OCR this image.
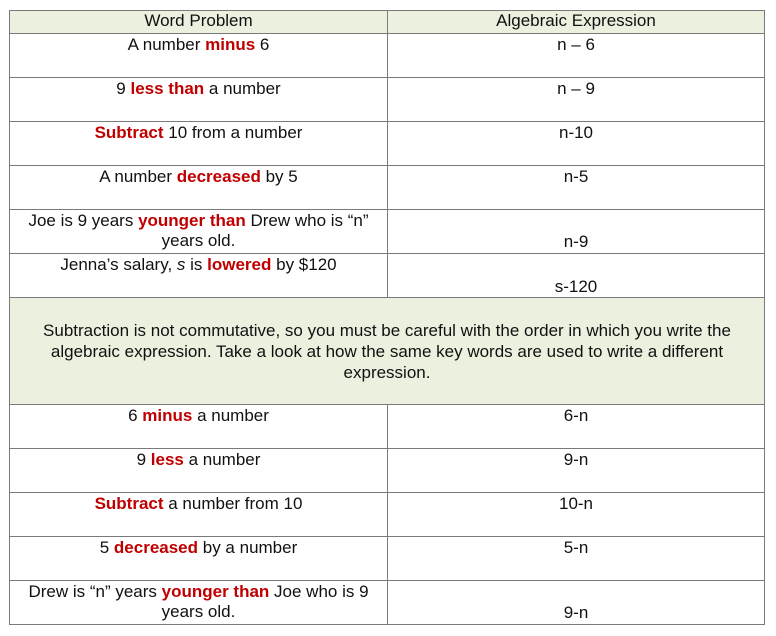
Word Problem	Algebraic Expression
A number minus 6	n – 6
9 less than a number	n – 9
Subtract 10 from a number	n-10
A number decreased by 5	n-5
Joe is 9 years younger than Drew who is “n” years old.	n-9
Jenna’s salary, s is lowered by $120	s-120
Subtraction is not commutative, so you must be careful with the order in which you write the algebraic expression. Take a look at how the same key words are used to write a different expression.	
6 minus a number	6-n
9 less a number	9-n
Subtract a number from 10	10-n
5 decreased by a number	5-n
Drew is “n” years younger than Joe who is 9 years old.	9-n
